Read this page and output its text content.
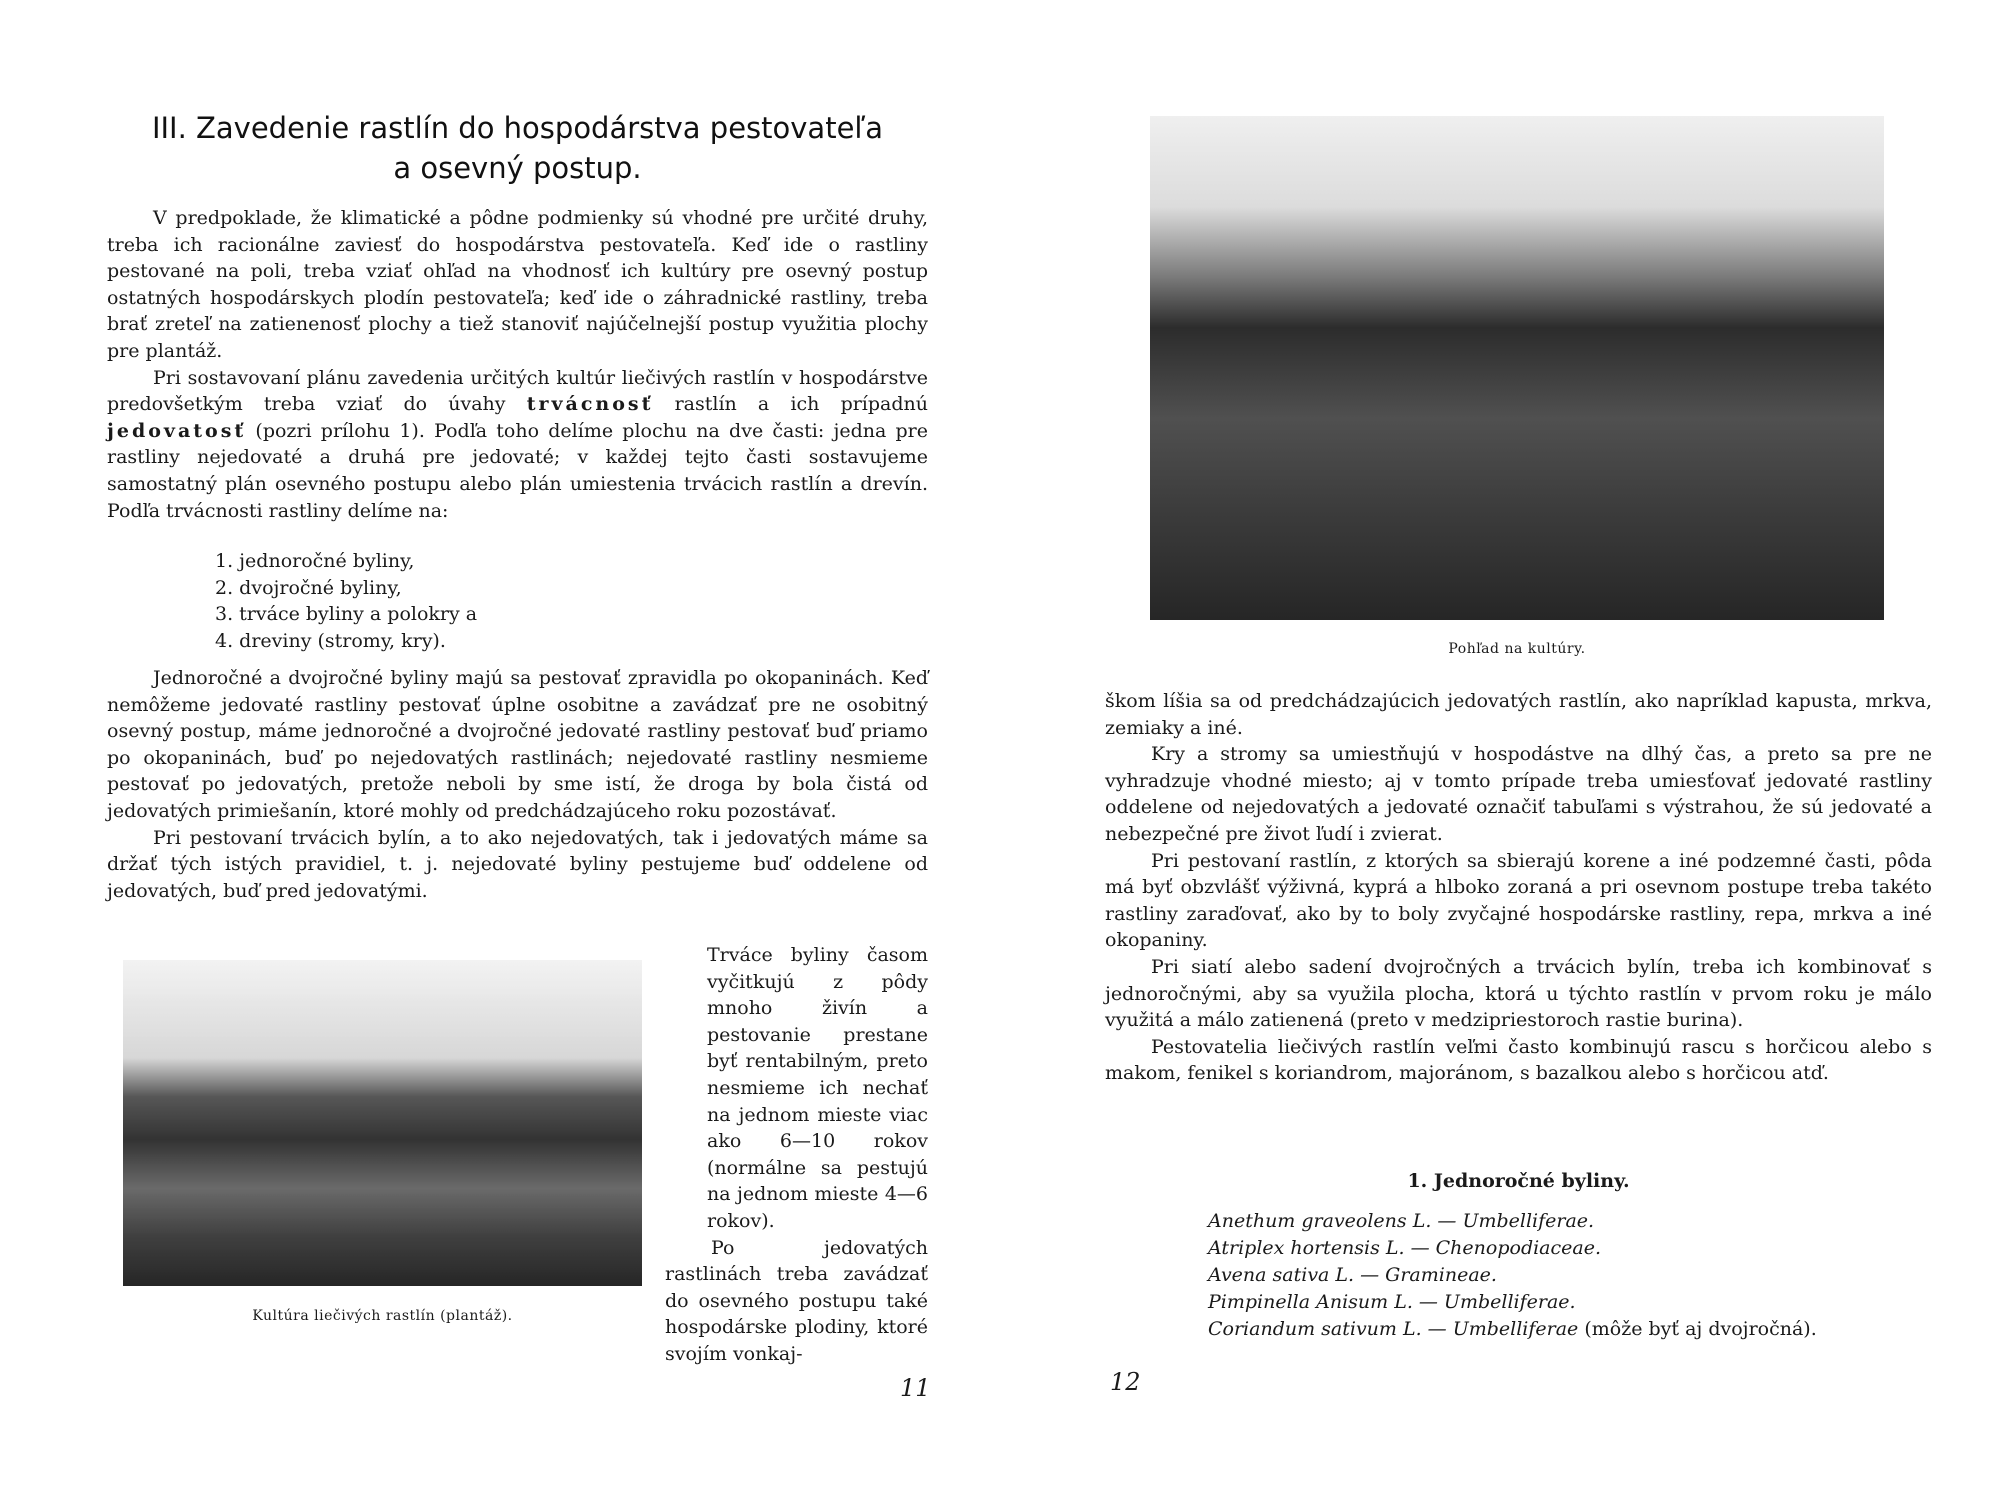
III. Zavedenie rastlín do hospodárstva pestovateľa
a osevný postup.

V predpoklade, že klimatické a pôdne podmienky sú vhodné pre určité druhy, treba ich racionálne zaviesť do hospodárstva pestovateľa. Keď ide o rastliny pestované na poli, treba vziať ohľad na vhodnosť ich kultúry pre osevný postup ostatných hospodárskych plodín pestovateľa; keď ide o záhradnické rastliny, treba brať zreteľ na zatienenosť plochy a tiež stanoviť najúčelnejší postup využitia plochy pre plantáž.

Pri sostavovaní plánu zavedenia určitých kultúr liečivých rastlín v hospodárstve predovšetkým treba vziať do úvahy trvácnosť rastlín a ich prípadnú jedovatosť (pozri prílohu 1). Podľa toho delíme plochu na dve časti: jedna pre rastliny nejedovaté a druhá pre jedovaté; v každej tejto časti sostavujeme samostatný plán osevného postupu alebo plán umiestenia trvácich rastlín a drevín. Podľa trvácnosti rastliny delíme na:

1. jednoročné byliny,
2. dvojročné byliny,
3. trváce byliny a polokry a
4. dreviny (stromy, kry).

Jednoročné a dvojročné byliny majú sa pestovať zpravidla po okopaninách. Keď nemôžeme jedovaté rastliny pestovať úplne osobitne a zavádzať pre ne osobitný osevný postup, máme jednoročné a dvojročné jedovaté rastliny pestovať buď priamo po okopaninách, buď po nejedovatých rastlinách; nejedovaté rastliny nesmieme pestovať po jedovatých, pretože neboli by sme istí, že droga by bola čistá od jedovatých primiešanín, ktoré mohly od predchádzajúceho roku pozostávať.

Pri pestovaní trvácich bylín, a to ako nejedovatých, tak i jedovatých máme sa držať tých istých pravidiel, t. j. nejedovaté byliny pestujeme buď oddelene od jedovatých, buď pred jedovatými.

Kultúra liečivých rastlín (plantáž).

Trváce byliny časom vyčitkujú z pôdy mnoho živín a pestovanie prestane byť rentabilným, preto nesmieme ich nechať na jednom mieste viac ako 6—10 rokov (normálne sa pestujú na jednom mieste 4—6 rokov).

Po jedovatých rastlinách treba zavádzať do osevného postupu také hospodárske plodiny, ktoré svojím vonkaj-

11
Pohľad na kultúry.

škom líšia sa od predchádzajúcich jedovatých rastlín, ako napríklad kapusta, mrkva, zemiaky a iné.

Kry a stromy sa umiestňujú v hospodástve na dlhý čas, a preto sa pre ne vyhradzuje vhodné miesto; aj v tomto prípade treba umiesťovať jedovaté rastliny oddelene od nejedovatých a jedovaté označiť tabuľami s výstrahou, že sú jedovaté a nebezpečné pre život ľudí i zvierat.

Pri pestovaní rastlín, z ktorých sa sbierajú korene a iné podzemné časti, pôda má byť obzvlášť výživná, kyprá a hlboko zoraná a pri osevnom postupe treba takéto rastliny zaraďovať, ako by to boly zvyčajné hospodárske rastliny, repa, mrkva a iné okopaniny.

Pri siatí alebo sadení dvojročných a trvácich bylín, treba ich kombinovať s jednoročnými, aby sa využila plocha, ktorá u týchto rastlín v prvom roku je málo využitá a málo zatienená (preto v medzipriestoroch rastie burina).

Pestovatelia liečivých rastlín veľmi často kombinujú rascu s horčicou alebo s makom, fenikel s koriandrom, majoránom, s bazalkou alebo s horčicou atď.

1. Jednoročné byliny.
Anethum graveolens L. — Umbelliferae.
Atriplex hortensis L. — Chenopodiaceae.
Avena sativa L. — Gramineae.
Pimpinella Anisum L. — Umbelliferae.
Coriandum sativum L. — Umbelliferae (môže byť aj dvojročná).
12
